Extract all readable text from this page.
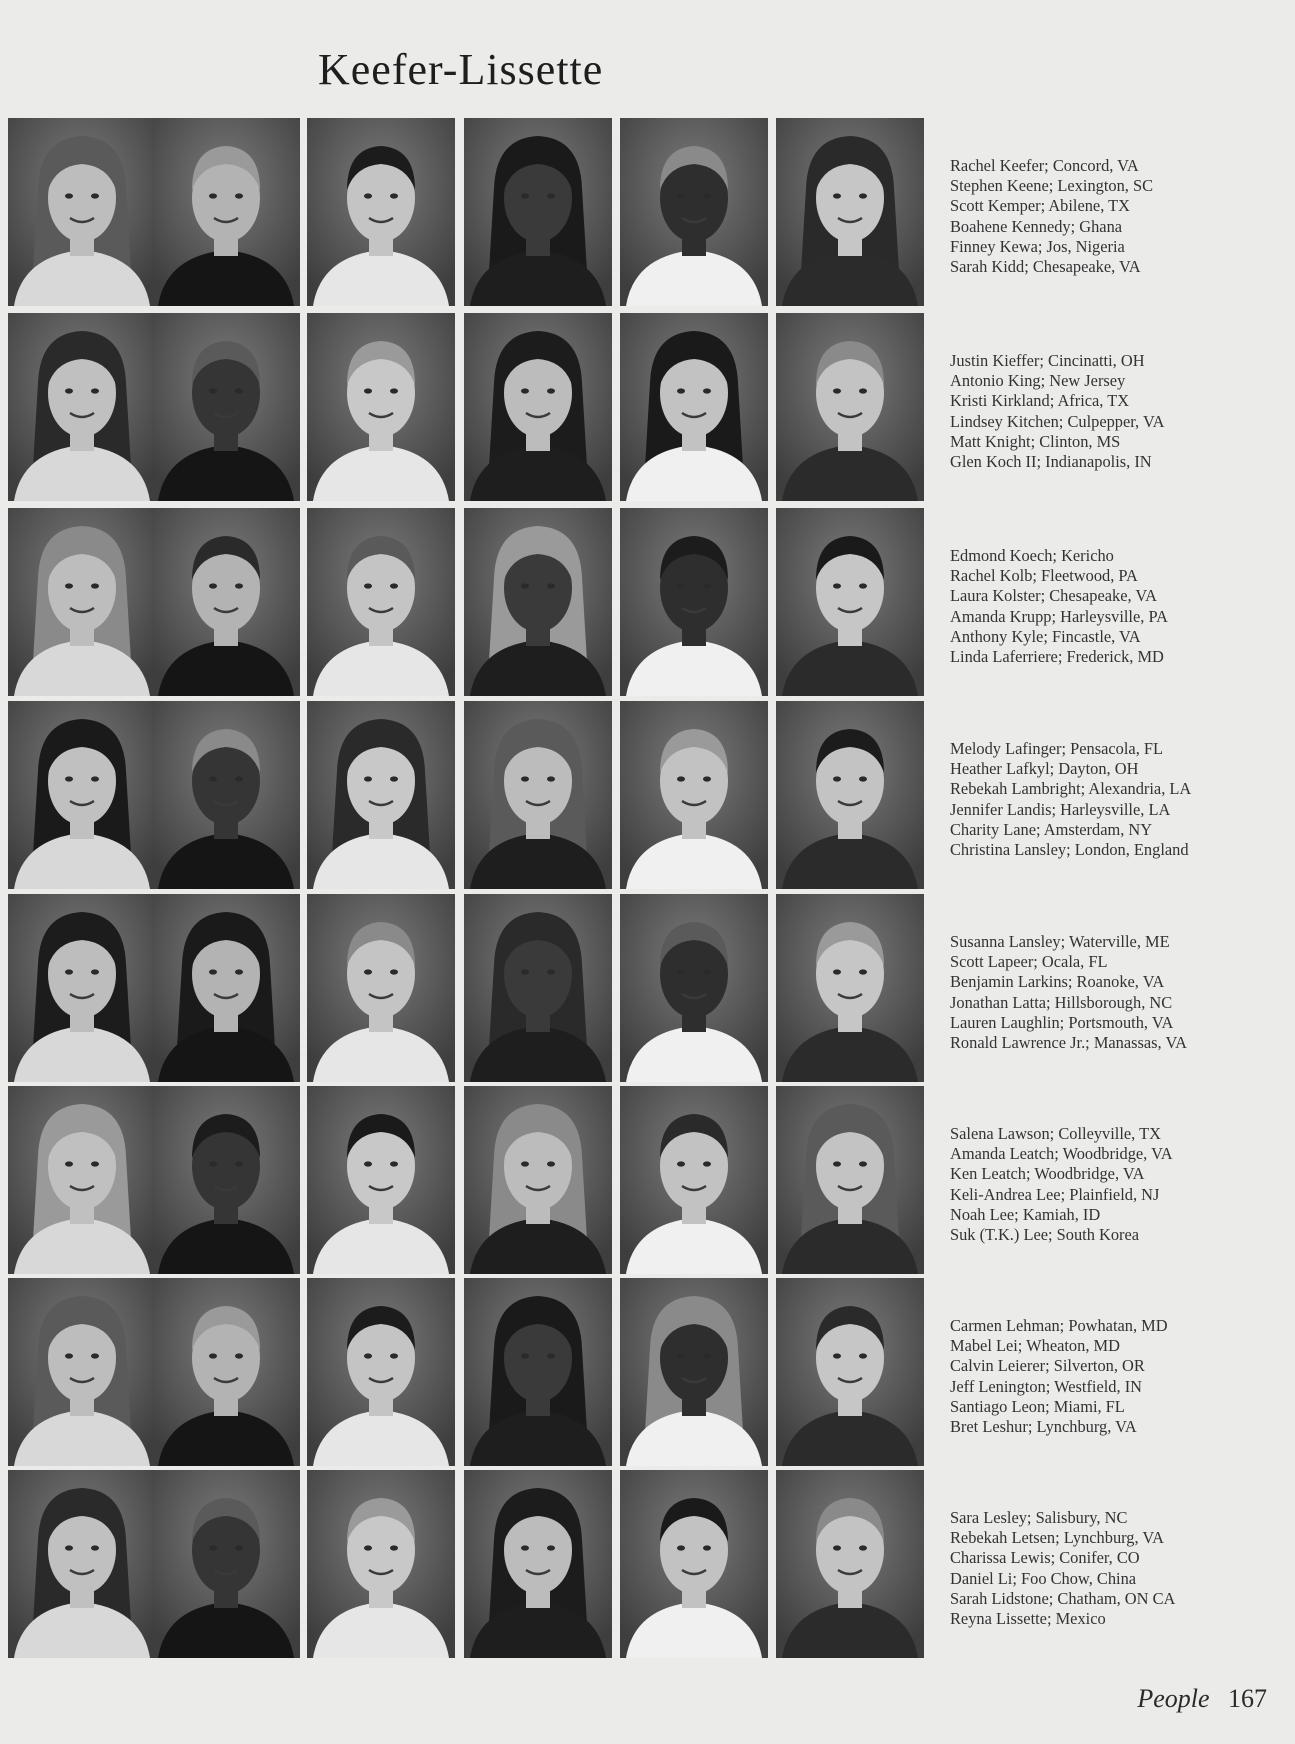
Keefer-Lissette
Rachel Keefer; Concord, VA
Stephen Keene; Lexington, SC
Scott Kemper; Abilene, TX
Boahene Kennedy; Ghana
Finney Kewa; Jos, Nigeria
Sarah Kidd; Chesapeake, VA
Justin Kieffer; Cincinatti, OH
Antonio King; New Jersey
Kristi Kirkland; Africa, TX
Lindsey Kitchen; Culpepper, VA
Matt Knight; Clinton, MS
Glen Koch II; Indianapolis, IN
Edmond Koech; Kericho
Rachel Kolb; Fleetwood, PA
Laura Kolster; Chesapeake, VA
Amanda Krupp; Harleysville, PA
Anthony Kyle; Fincastle, VA
Linda Laferriere; Frederick, MD
Melody Lafinger; Pensacola, FL
Heather Lafkyl; Dayton, OH
Rebekah Lambright; Alexandria, LA
Jennifer Landis; Harleysville, LA
Charity Lane; Amsterdam, NY
Christina Lansley; London, England
Susanna Lansley; Waterville, ME
Scott Lapeer; Ocala, FL
Benjamin Larkins; Roanoke, VA
Jonathan Latta; Hillsborough, NC
Lauren Laughlin; Portsmouth, VA
Ronald Lawrence Jr.; Manassas, VA
Salena Lawson; Colleyville, TX
Amanda Leatch; Woodbridge, VA
Ken Leatch; Woodbridge, VA
Keli-Andrea Lee; Plainfield, NJ
Noah Lee; Kamiah, ID
Suk (T.K.) Lee; South Korea
Carmen Lehman; Powhatan, MD
Mabel Lei; Wheaton, MD
Calvin Leierer; Silverton, OR
Jeff Lenington; Westfield, IN
Santiago Leon; Miami, FL
Bret Leshur; Lynchburg, VA
Sara Lesley; Salisbury, NC
Rebekah Letsen; Lynchburg, VA
Charissa Lewis; Conifer, CO
Daniel Li; Foo Chow, China
Sarah Lidstone; Chatham, ON CA
Reyna Lissette; Mexico
People 167
